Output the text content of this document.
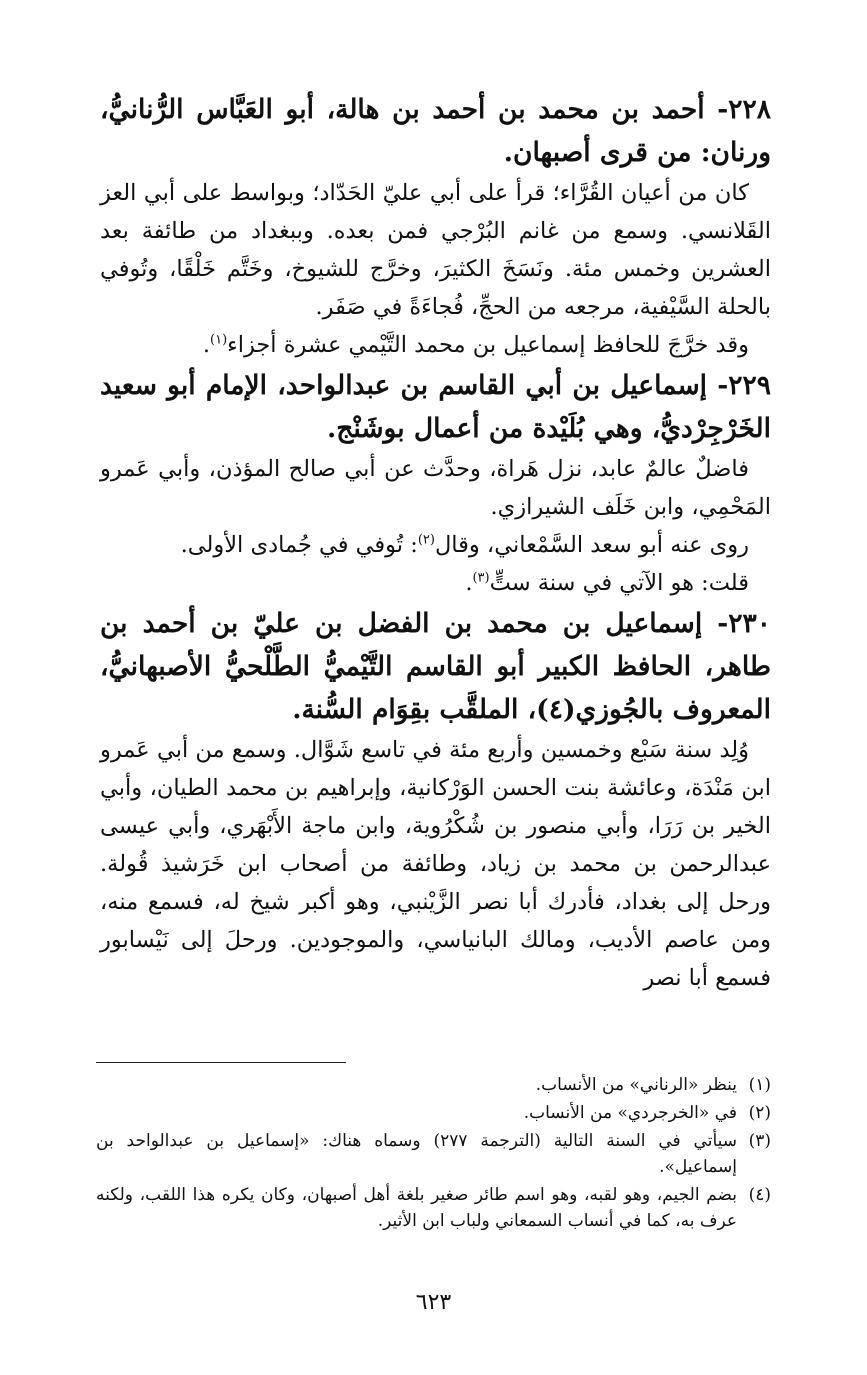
٢٢٨- أحمد بن محمد بن أحمد بن هالة، أبو العَبَّاس الرُّنانيُّ، ورنان: من قرى أصبهان.

كان من أعيان القُرَّاء؛ قرأ على أبي عليّ الحَدّاد؛ وبواسط على أبي العز القَلانسي. وسمع من غانم البُرْجي فمن بعده. وببغداد من طائفة بعد العشرين وخمس مئة. ونَسَخَ الكثيرَ، وخرَّج للشيوخ، وخَتَّم خَلْقًا، وتُوفي بالحلة السَّيْفية، مرجعه من الحجِّ، فُجاءَةً في صَفَر.

وقد خرَّجَ للحافظ إسماعيل بن محمد التَّيْمي عشرة أجزاء$^{(١)}$.

٢٢٩- إسماعيل بن أبي القاسم بن عبدالواحد، الإمام أبو سعيد الخَرْجِرْديُّ، وهي بُلَيْدة من أعمال بوشَنْج.

فاضلٌ عالمٌ عابد، نزل هَراة، وحدَّث عن أبي صالح المؤذن، وأبي عَمرو المَحْمِي، وابن خَلَف الشيرازي.

روى عنه أبو سعد السَّمْعاني، وقال$^{(٢)}$: تُوفي في جُمادى الأولى.

قلت: هو الآتي في سنة ستٍّ$^{(٣)}$.

٢٣٠- إسماعيل بن محمد بن الفضل بن عليّ بن أحمد بن طاهر، الحافظ الكبير أبو القاسم التَّيْميُّ الطَّلْحيُّ الأصبهانيُّ، المعروف بالجُوزي(٤)، الملقَّب بقِوَام السُّنة.

وُلِد سنة سَبْع وخمسين وأربع مئة في تاسع شَوَّال. وسمع من أبي عَمرو ابن مَنْدَة، وعائشة بنت الحسن الوَرْكانية، وإبراهيم بن محمد الطيان، وأبي الخير بن رَرَا، وأبي منصور بن شُكْرُوية، وابن ماجة الأَبْهَري، وأبي عيسى عبدالرحمن بن محمد بن زياد، وطائفة من أصحاب ابن خَرَشيذ قُولة. ورحل إلى بغداد، فأدرك أبا نصر الزَّيْنبي، وهو أكبر شيخ له، فسمع منه، ومن عاصم الأديب، ومالك البانياسي، والموجودين. ورحلَ إلى نَيْسابور فسمع أبا نصر

(١)
ينظر «الرناني» من الأنساب.
(٢)
في «الخرجردي» من الأنساب.
(٣)
سيأتي في السنة التالية (الترجمة ٢٧٧) وسماه هناك: «إسماعيل بن عبدالواحد بن إسماعيل».
(٤)
بضم الجيم، وهو لقبه، وهو اسم طائر صغير بلغة أهل أصبهان، وكان يكره هذا اللقب، ولكنه عرف به، كما في أنساب السمعاني ولباب ابن الأثير.
٦٢٣
